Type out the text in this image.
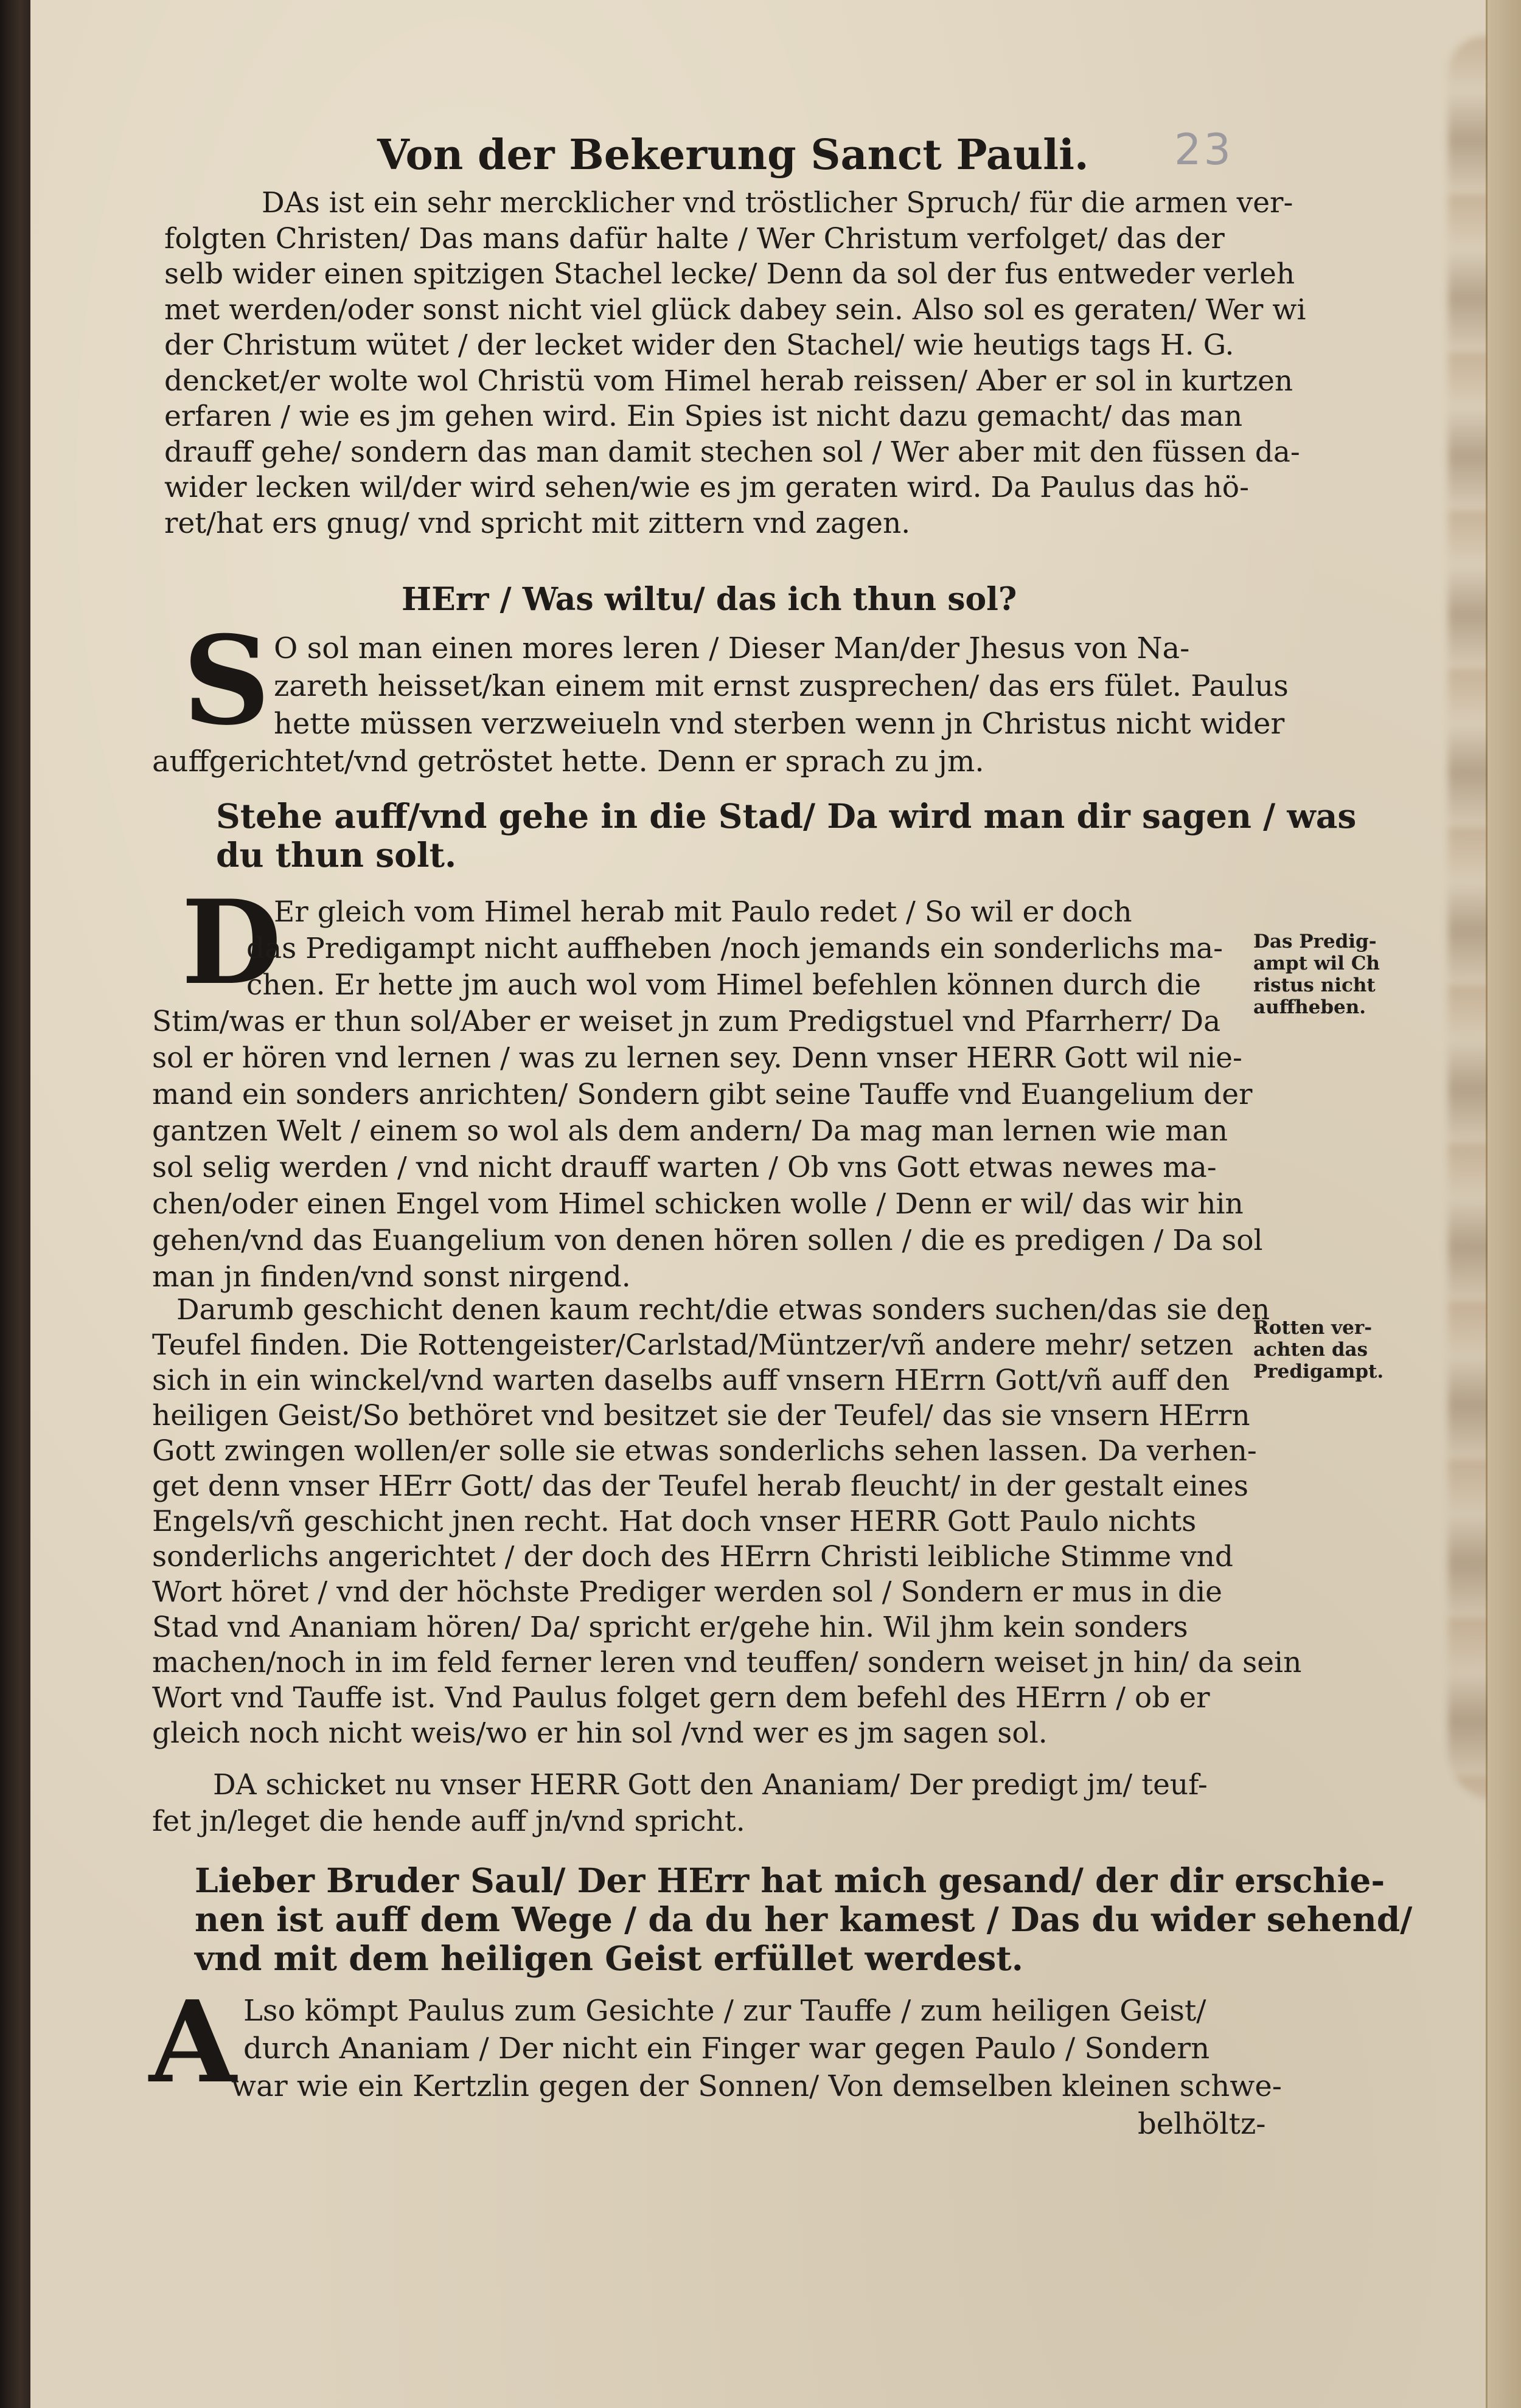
23
Von der Bekerung Sanct Pauli.
DAs ist ein sehr mercklicher vnd tröstlicher Spruch/ für die armen ver-
folgten Christen/ Das mans dafür halte / Wer Christum verfolget/ das der
selb wider einen spitzigen Stachel lecke/ Denn da sol der fus entweder verleh
met werden/oder sonst nicht viel glück dabey sein. Also sol es geraten/ Wer wi
der Christum wütet / der lecket wider den Stachel/ wie heutigs tags H. G.
dencket/er wolte wol Christü vom Himel herab reissen/ Aber er sol in kurtzen
erfaren / wie es jm gehen wird. Ein Spies ist nicht dazu gemacht/ das man
drauff gehe/ sondern das man damit stechen sol / Wer aber mit den füssen da-
wider lecken wil/der wird sehen/wie es jm geraten wird. Da Paulus das hö-
ret/hat ers gnug/ vnd spricht mit zittern vnd zagen.
HErr / Was wiltu/ das ich thun sol?
S O sol man einen mores leren / Dieser Man/der Jhesus von Na-
zareth heisset/kan einem mit ernst zusprechen/ das ers fület. Paulus
hette müssen verzweiueln vnd sterben wenn jn Christus nicht wider
auffgerichtet/vnd getröstet hette. Denn er sprach zu jm.
Stehe auff/vnd gehe in die Stad/ Da wird man dir sagen / was
du thun solt.
D
Er gleich vom Himel herab mit Paulo redet / So wil er doch
das Predigampt nicht auffheben /noch jemands ein sonderlichs ma-
chen. Er hette jm auch wol vom Himel befehlen können durch die
Stim/was er thun sol/Aber er weiset jn zum Predigstuel vnd Pfarrherr/ Da
sol er hören vnd lernen / was zu lernen sey. Denn vnser HERR Gott wil nie-
mand ein sonders anrichten/ Sondern gibt seine Tauffe vnd Euangelium der
gantzen Welt / einem so wol als dem andern/ Da mag man lernen wie man
sol selig werden / vnd nicht drauff warten / Ob vns Gott etwas newes ma-
chen/oder einen Engel vom Himel schicken wolle / Denn er wil/ das wir hin
gehen/vnd das Euangelium von denen hören sollen / die es predigen / Da sol
man jn finden/vnd sonst nirgend.
Das Predig-
ampt wil Ch
ristus nicht
auffheben.
Darumb geschicht denen kaum recht/die etwas sonders suchen/das sie den
Teufel finden. Die Rottengeister/Carlstad/Müntzer/vñ andere mehr/ setzen
sich in ein winckel/vnd warten daselbs auff vnsern HErrn Gott/vñ auff den
heiligen Geist/So bethöret vnd besitzet sie der Teufel/ das sie vnsern HErrn
Gott zwingen wollen/er solle sie etwas sonderlichs sehen lassen. Da verhen-
get denn vnser HErr Gott/ das der Teufel herab fleucht/ in der gestalt eines
Engels/vñ geschicht jnen recht. Hat doch vnser HERR Gott Paulo nichts
sonderlichs angerichtet / der doch des HErrn Christi leibliche Stimme vnd
Wort höret / vnd der höchste Prediger werden sol / Sondern er mus in die
Stad vnd Ananiam hören/ Da/ spricht er/gehe hin. Wil jhm kein sonders
machen/noch in im feld ferner leren vnd teuffen/ sondern weiset jn hin/ da sein
Wort vnd Tauffe ist. Vnd Paulus folget gern dem befehl des HErrn / ob er
gleich noch nicht weis/wo er hin sol /vnd wer es jm sagen sol.
Rotten ver-
achten das
Predigampt.
DA schicket nu vnser HERR Gott den Ananiam/ Der predigt jm/ teuf-
fet jn/leget die hende auff jn/vnd spricht.
Lieber Bruder Saul/ Der HErr hat mich gesand/ der dir erschie-
nen ist auff dem Wege / da du her kamest / Das du wider sehend/
vnd mit dem heiligen Geist erfüllet werdest.
A Lso kömpt Paulus zum Gesichte / zur Tauffe / zum heiligen Geist/
durch Ananiam / Der nicht ein Finger war gegen Paulo / Sondern
war wie ein Kertzlin gegen der Sonnen/ Von demselben kleinen schwe-
belhöltz-
